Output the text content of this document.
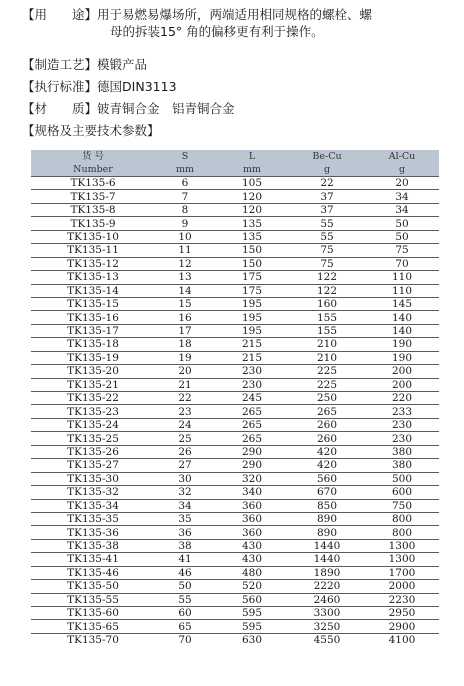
【用　　途】用于易燃易爆场所，两端适用相同规格的螺栓、螺
母的拆装15° 角的偏移更有利于操作。
【制造工艺】模锻产品
【执行标准】德国DIN3113
【材　　质】铍青铜合金　铝青铜合金
【规格及主要技术参数】
货 号	S	L	Be-Cu	Al-Cu
Number	mm	mm	g	g
TK135-6	6	105	22	20
TK135-7	7	120	37	34
TK135-8	8	120	37	34
TK135-9	9	135	55	50
TK135-10	10	135	55	50
TK135-11	11	150	75	75
TK135-12	12	150	75	70
TK135-13	13	175	122	110
TK135-14	14	175	122	110
TK135-15	15	195	160	145
TK135-16	16	195	155	140
TK135-17	17	195	155	140
TK135-18	18	215	210	190
TK135-19	19	215	210	190
TK135-20	20	230	225	200
TK135-21	21	230	225	200
TK135-22	22	245	250	220
TK135-23	23	265	265	233
TK135-24	24	265	260	230
TK135-25	25	265	260	230
TK135-26	26	290	420	380
TK135-27	27	290	420	380
TK135-30	30	320	560	500
TK135-32	32	340	670	600
TK135-34	34	360	850	750
TK135-35	35	360	890	800
TK135-36	36	360	890	800
TK135-38	38	430	1440	1300
TK135-41	41	430	1440	1300
TK135-46	46	480	1890	1700
TK135-50	50	520	2220	2000
TK135-55	55	560	2460	2230
TK135-60	60	595	3300	2950
TK135-65	65	595	3250	2900
TK135-70	70	630	4550	4100
